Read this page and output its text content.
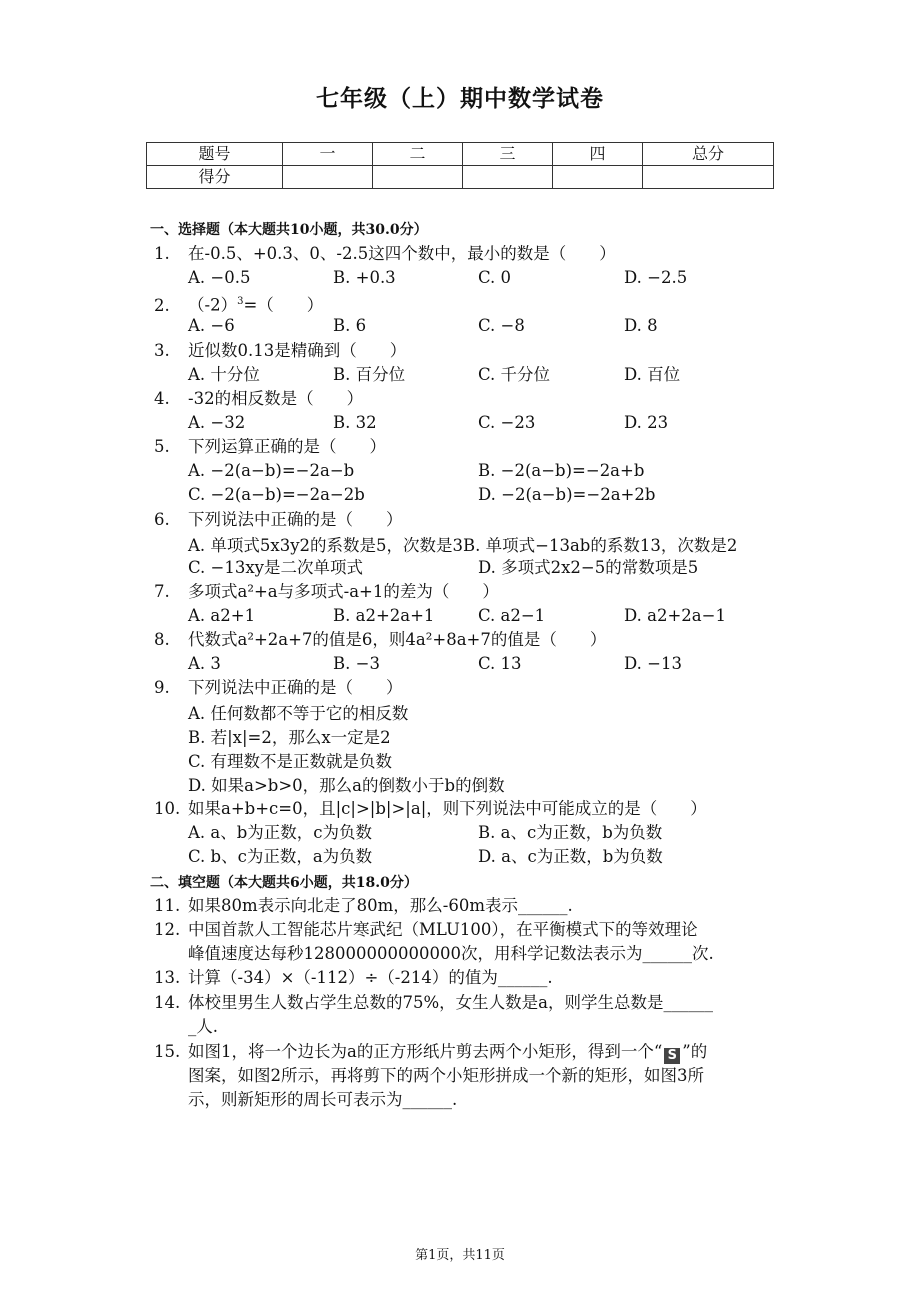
七年级（上）期中数学试卷
题号	一	二	三	四	总分
得分					
一、选择题（本大题共10小题，共30.0分）
1. 在-0.5、+0.3、0、-2.5这四个数中，最小的数是（　　）
A. −0.5	B. +0.3	C. 0	D. −2.5
2. $(-2)^3=$（　　）
A. −6	B. 6	C. −8	D. 8
3. 近似数0.13是精确到（　　）
A. 十分位	B. 百分位	C. 千分位	D. 百位
4. -32的相反数是（　　）
A. −32	B. 32	C. −23	D. 23
5. 下列运算正确的是（　　）
A. −2(a−b)=−2a−b	B. −2(a−b)=−2a+b
C. −2(a−b)=−2a−2b	D. −2(a−b)=−2a+2b
6. 下列说法中正确的是（　　）
A. 单项式5x3y2的系数是5，次数是3B. 单项式−13ab的系数13，次数是2
C. −13xy是二次单项式	D. 多项式2x2−5的常数项是5
7. 多项式a²+a与多项式-a+1的差为（　　）
A. a2+1	B. a2+2a+1	C. a2−1	D. a2+2a−1
8. 代数式a²+2a+7的值是6，则4a²+8a+7的值是（　　）
A. 3	B. −3	C. 13	D. −13
9. 下列说法中正确的是（　　）
A. 任何数都不等于它的相反数
B. 若|x|=2，那么x一定是2
C. 有理数不是正数就是负数
D. 如果a>b>0，那么a的倒数小于b的倒数
10. 如果a+b+c=0，且|c|>|b|>|a|，则下列说法中可能成立的是（　　）
A. a、b为正数，c为负数	B. a、c为正数，b为负数
C. b、c为正数，a为负数	D. a、c为正数，b为负数
二、填空题（本大题共6小题，共18.0分）
11. 如果80m表示向北走了80m，那么-60m表示______.
12. 中国首款人工智能芯片寒武纪（MLU100），在平衡模式下的等效理论
峰值速度达每秒128000000000000次，用科学记数法表示为______次.
13. 计算（-34）×（-112）÷（-214）的值为______.
14. 体校里男生人数占学生总数的75%，女生人数是a，则学生总数是______
_人.
15. 如图1，将一个边长为a的正方形纸片剪去两个小矩形，得到一个“ S ”的
图案，如图2所示，再将剪下的两个小矩形拼成一个新的矩形，如图3所
示，则新矩形的周长可表示为______.
第1页，共11页
